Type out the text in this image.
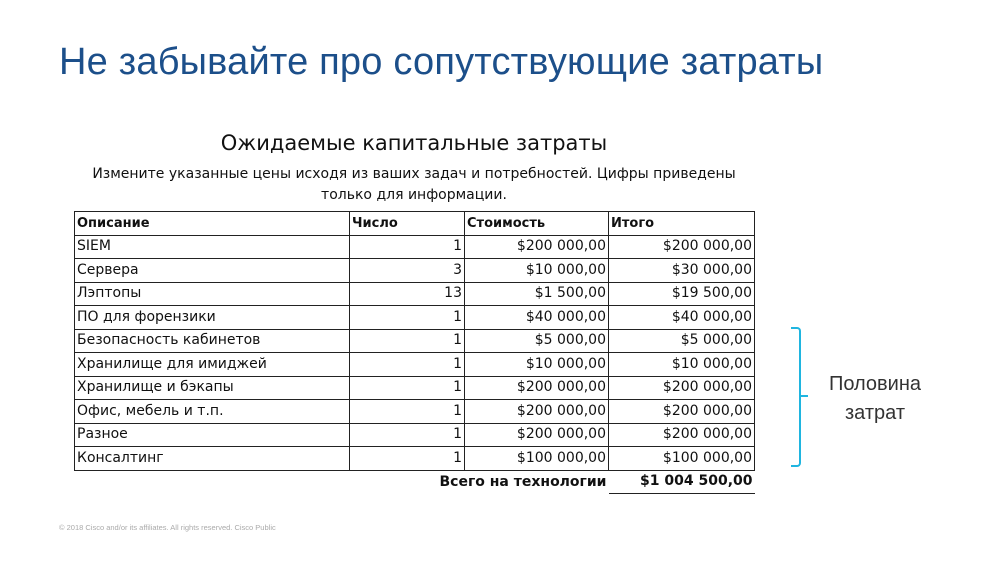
Не забывайте про сопутствующие затраты
Ожидаемые капитальные затраты
Измените указанные цены исходя из ваших задач и потребностей. Цифры приведены
только для информации.
Описание	Число	Стоимость	Итого
SIEM	1	$200 000,00	$200 000,00
Сервера	3	$10 000,00	$30 000,00
Лэптопы	13	$1 500,00	$19 500,00
ПО для форензики	1	$40 000,00	$40 000,00
Безопасность кабинетов	1	$5 000,00	$5 000,00
Хранилище для имиджей	1	$10 000,00	$10 000,00
Хранилище и бэкапы	1	$200 000,00	$200 000,00
Офис, мебель и т.п.	1	$200 000,00	$200 000,00
Разное	1	$200 000,00	$200 000,00
Консалтинг	1	$100 000,00	$100 000,00
	Всего на технологии		$1 004 500,00
Половина
затрат
© 2018 Cisco and/or its affiliates. All rights reserved. Cisco Public
